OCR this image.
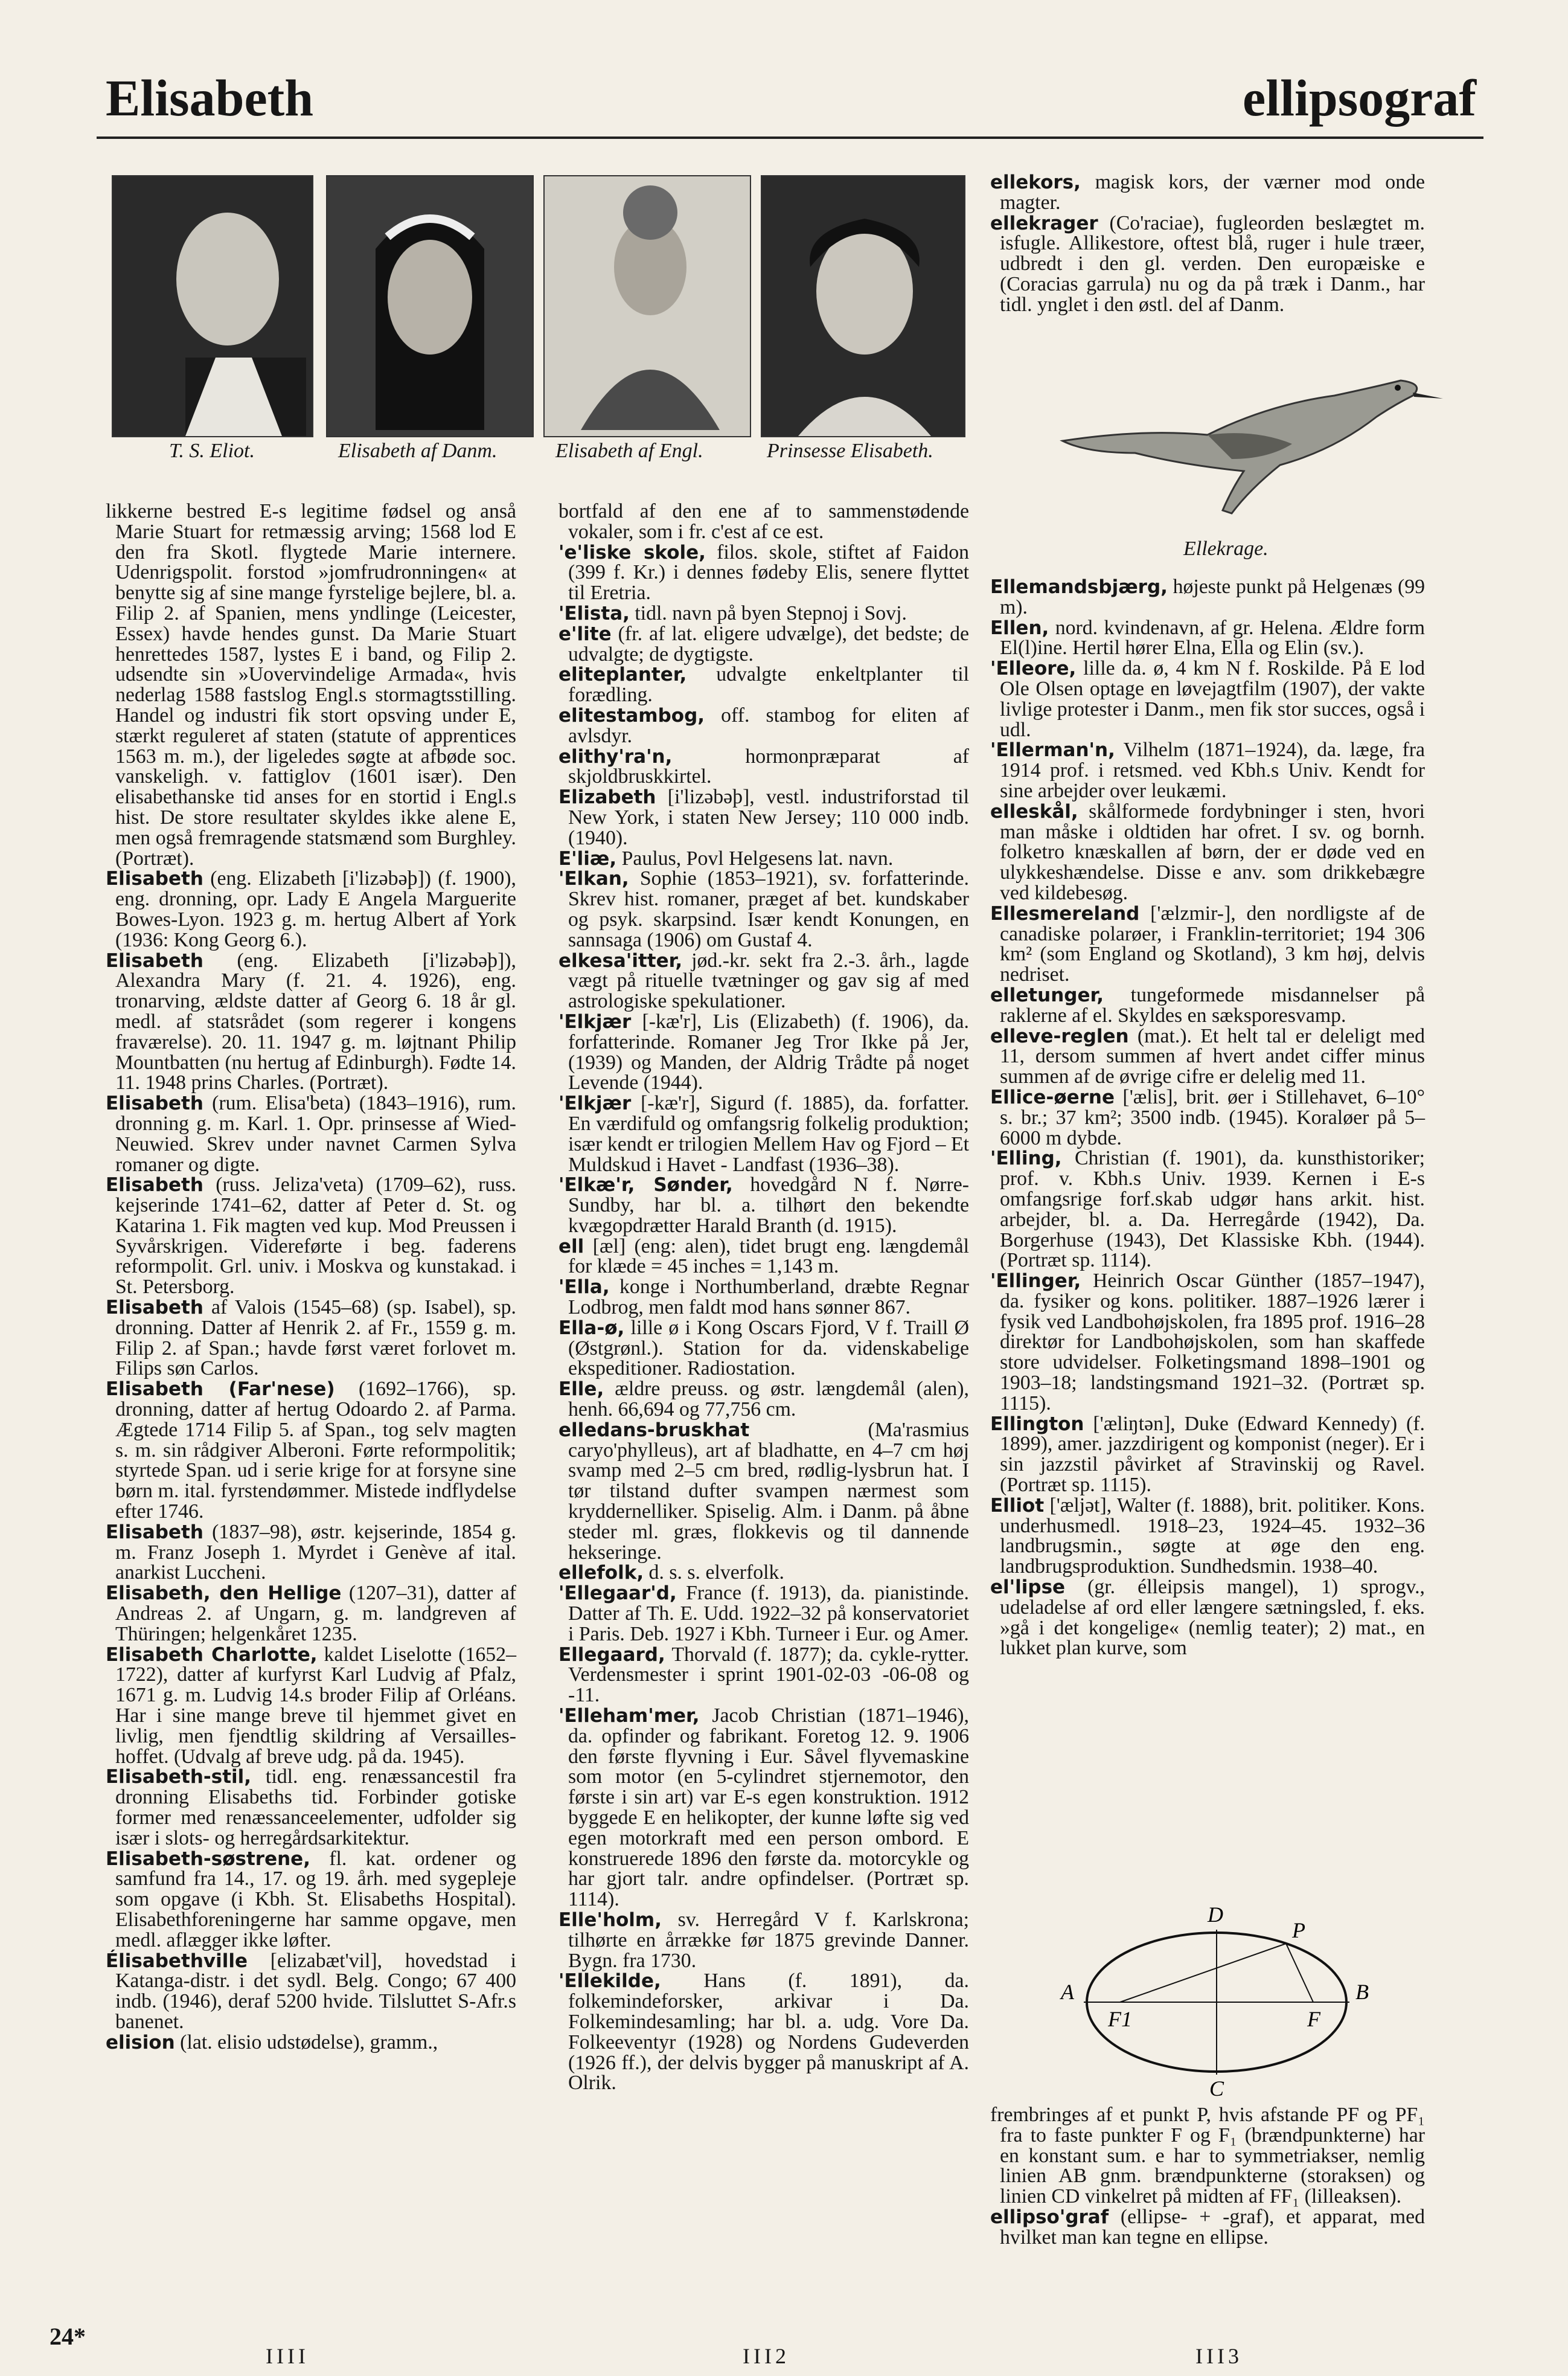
Elisabeth	ellipsograf
T. S. Eliot.	Elisabeth af Danm.	Elisabeth af Engl.	Prinsesse Elisabeth.

likkerne bestred E-s legitime fødsel og anså Marie Stuart for retmæssig arving; 1568 lod E den fra Skotl. flygtede Marie internere. Udenrigspolit. forstod »jomfrudronningen« at benytte sig af sine mange fyrstelige bejlere, bl. a. Filip 2. af Spanien, mens yndlinge (Leicester, Essex) havde hendes gunst. Da Marie Stuart henrettedes 1587, lystes E i band, og Filip 2. udsendte sin »Uovervindelige Armada«, hvis nederlag 1588 fastslog Engl.s stormagtsstilling. Handel og industri fik stort opsving under E, stærkt reguleret af staten (statute of apprentices 1563 m. m.), der ligeledes søgte at afbøde soc. vanskeligh. v. fattiglov (1601 især). Den elisabethanske tid anses for en stortid i Engl.s hist. De store resultater skyldes ikke alene E, men også fremragende statsmænd som Burghley. (Portræt).

Elisabeth (eng. Elizabeth [i'lizəbəþ]) (f. 1900), eng. dronning, opr. Lady E Angela Marguerite Bowes-Lyon. 1923 g. m. hertug Albert af York (1936: Kong Georg 6.).

Elisabeth (eng. Elizabeth [i'lizəbəþ]), Alexandra Mary (f. 21. 4. 1926), eng. tronarving, ældste datter af Georg 6. 18 år gl. medl. af statsrådet (som regerer i kongens fraværelse). 20. 11. 1947 g. m. løjtnant Philip Mountbatten (nu hertug af Edinburgh). Fødte 14. 11. 1948 prins Charles. (Portræt).

Elisabeth (rum. Elisa'beta) (1843–1916), rum. dronning g. m. Karl. 1. Opr. prinsesse af Wied-Neuwied. Skrev under navnet Carmen Sylva romaner og digte.

Elisabeth (russ. Jeliza'veta) (1709–62), russ. kejserinde 1741–62, datter af Peter d. St. og Katarina 1. Fik magten ved kup. Mod Preussen i Syvårskrigen. Videreførte i beg. faderens reformpolit. Grl. univ. i Moskva og kunstakad. i St. Petersborg.

Elisabeth af Valois (1545–68) (sp. Isabel), sp. dronning. Datter af Henrik 2. af Fr., 1559 g. m. Filip 2. af Span.; havde først været forlovet m. Filips søn Carlos.

Elisabeth (Far'nese) (1692–1766), sp. dronning, datter af hertug Odoardo 2. af Parma. Ægtede 1714 Filip 5. af Span., tog selv magten s. m. sin rådgiver Alberoni. Førte reformpolitik; styrtede Span. ud i serie krige for at forsyne sine børn m. ital. fyrstendømmer. Mistede indflydelse efter 1746.

Elisabeth (1837–98), østr. kejserinde, 1854 g. m. Franz Joseph 1. Myrdet i Genève af ital. anarkist Luccheni.

Elisabeth, den Hellige (1207–31), datter af Andreas 2. af Ungarn, g. m. landgreven af Thüringen; helgenkåret 1235.

Elisabeth Charlotte, kaldet Liselotte (1652–1722), datter af kurfyrst Karl Ludvig af Pfalz, 1671 g. m. Ludvig 14.s broder Filip af Orléans. Har i sine mange breve til hjemmet givet en livlig, men fjendtlig skildring af Versailles-hoffet. (Udvalg af breve udg. på da. 1945).

Elisabeth-stil, tidl. eng. renæssancestil fra dronning Elisabeths tid. Forbinder gotiske former med renæssanceelementer, udfolder sig især i slots- og herregårdsarkitektur.

Elisabeth-søstrene, fl. kat. ordener og samfund fra 14., 17. og 19. årh. med sygepleje som opgave (i Kbh. St. Elisabeths Hospital). Elisabethforeningerne har samme opgave, men medl. aflægger ikke løfter.

Élisabethville [elizabæt'vil], hovedstad i Katanga-distr. i det sydl. Belg. Congo; 67 400 indb. (1946), deraf 5200 hvide. Tilsluttet S-Afr.s banenet.

elision (lat. elisio udstødelse), gramm.,

bortfald af den ene af to sammenstødende vokaler, som i fr. c'est af ce est.

'e'liske skole, filos. skole, stiftet af Faidon (399 f. Kr.) i dennes fødeby Elis, senere flyttet til Eretria.

'Elista, tidl. navn på byen Stepnoj i Sovj.

e'lite (fr. af lat. eligere udvælge), det bedste; de udvalgte; de dygtigste.

eliteplanter, udvalgte enkeltplanter til forædling.

elitestambog, off. stambog for eliten af avlsdyr.

elithy'ra'n, hormonpræparat af skjoldbruskkirtel.

Elizabeth [i'lizəbəþ], vestl. industriforstad til New York, i staten New Jersey; 110 000 indb. (1940).

E'liæ, Paulus, Povl Helgesens lat. navn.

'Elkan, Sophie (1853–1921), sv. forfatterinde. Skrev hist. romaner, præget af bet. kundskaber og psyk. skarpsind. Især kendt Konungen, en sannsaga (1906) om Gustaf 4.

elkesa'itter, jød.-kr. sekt fra 2.-3. årh., lagde vægt på rituelle tvætninger og gav sig af med astrologiske spekulationer.

'Elkjær [-kæ'r], Lis (Elizabeth) (f. 1906), da. forfatterinde. Romaner Jeg Tror Ikke på Jer, (1939) og Manden, der Aldrig Trådte på noget Levende (1944).

'Elkjær [-kæ'r], Sigurd (f. 1885), da. forfatter. En værdifuld og omfangsrig folkelig produktion; især kendt er trilogien Mellem Hav og Fjord – Et Muldskud i Havet - Landfast (1936–38).

'Elkæ'r, Sønder, hovedgård N f. Nørre-Sundby, har bl. a. tilhørt den bekendte kvægopdrætter Harald Branth (d. 1915).

ell [æl] (eng: alen), tidet brugt eng. længdemål for klæde = 45 inches = 1,143 m.

'Ella, konge i Northumberland, dræbte Regnar Lodbrog, men faldt mod hans sønner 867.

Ella-ø, lille ø i Kong Oscars Fjord, V f. Traill Ø (Østgrønl.). Station for da. videnskabelige ekspeditioner. Radiostation.

Elle, ældre preuss. og østr. længdemål (alen), henh. 66,694 og 77,756 cm.

elledans-bruskhat (Ma'rasmius caryo'phylleus), art af bladhatte, en 4–7 cm høj svamp med 2–5 cm bred, rødlig-lysbrun hat. I tør tilstand dufter svampen nærmest som kryddernelliker. Spiselig. Alm. i Danm. på åbne steder ml. græs, flokkevis og til dannende hekseringe.

ellefolk, d. s. s. elverfolk.

'Ellegaar'd, France (f. 1913), da. pianistinde. Datter af Th. E. Udd. 1922–32 på konservatoriet i Paris. Deb. 1927 i Kbh. Turneer i Eur. og Amer.

Ellegaard, Thorvald (f. 1877); da. cykle-rytter. Verdensmester i sprint 1901-02-03 -06-08 og -11.

'Elleham'mer, Jacob Christian (1871–1946), da. opfinder og fabrikant. Foretog 12. 9. 1906 den første flyvning i Eur. Såvel flyvemaskine som motor (en 5-cylindret stjernemotor, den første i sin art) var E-s egen konstruktion. 1912 byggede E en helikopter, der kunne løfte sig ved egen motorkraft med een person ombord. E konstruerede 1896 den første da. motorcykle og har gjort talr. andre opfindelser. (Portræt sp. 1114).

Elle'holm, sv. Herregård V f. Karlskrona; tilhørte en årrække før 1875 grevinde Danner. Bygn. fra 1730.

'Ellekilde, Hans (f. 1891), da. folkemindeforsker, arkivar i Da. Folkemindesamling; har bl. a. udg. Vore Da. Folkeeventyr (1928) og Nordens Gudeverden (1926 ff.), der delvis bygger på manuskript af A. Olrik.

ellekors, magisk kors, der værner mod onde magter.

ellekrager (Co'raciae), fugleorden beslægtet m. isfugle. Allikestore, oftest blå, ruger i hule træer, udbredt i den gl. verden. Den europæiske e (Coracias garrula) nu og da på træk i Danm., har tidl. ynglet i den østl. del af Danm.

Ellekrage.

Ellemandsbjærg, højeste punkt på Helgenæs (99 m).

Ellen, nord. kvindenavn, af gr. Helena. Ældre form El(l)ine. Hertil hører Elna, Ella og Elin (sv.).

'Elleore, lille da. ø, 4 km N f. Roskilde. På E lod Ole Olsen optage en løvejagtfilm (1907), der vakte livlige protester i Danm., men fik stor succes, også i udl.

'Ellerman'n, Vilhelm (1871–1924), da. læge, fra 1914 prof. i retsmed. ved Kbh.s Univ. Kendt for sine arbejder over leukæmi.

elleskål, skålformede fordybninger i sten, hvori man måske i oldtiden har ofret. I sv. og bornh. folketro knæskallen af børn, der er døde ved en ulykkeshændelse. Disse e anv. som drikkebægre ved kildebesøg.

Ellesmereland ['ælzmir-], den nordligste af de canadiske polarøer, i Franklin-territoriet; 194 306 km² (som England og Skotland), 3 km høj, delvis nedriset.

elletunger, tungeformede misdannelser på raklerne af el. Skyldes en sæksporesvamp.

elleve-reglen (mat.). Et helt tal er deleligt med 11, dersom summen af hvert andet ciffer minus summen af de øvrige cifre er delelig med 11.

Ellice-øerne ['ælis], brit. øer i Stillehavet, 6–10° s. br.; 37 km²; 3500 indb. (1945). Koraløer på 5–6000 m dybde.

'Elling, Christian (f. 1901), da. kunsthistoriker; prof. v. Kbh.s Univ. 1939. Kernen i E-s omfangsrige forf.skab udgør hans arkit. hist. arbejder, bl. a. Da. Herregårde (1942), Da. Borgerhuse (1943), Det Klassiske Kbh. (1944). (Portræt sp. 1114).

'Ellinger, Heinrich Oscar Günther (1857–1947), da. fysiker og kons. politiker. 1887–1926 lærer i fysik ved Landbohøjskolen, fra 1895 prof. 1916–28 direktør for Landbohøjskolen, som han skaffede store udvidelser. Folketingsmand 1898–1901 og 1903–18; landstingsmand 1921–32. (Portræt sp. 1115).

Ellington ['æliŋtən], Duke (Edward Kennedy) (f. 1899), amer. jazzdirigent og komponist (neger). Er i sin jazzstil påvirket af Stravinskij og Ravel. (Portræt sp. 1115).

Elliot ['æljət], Walter (f. 1888), brit. politiker. Kons. underhusmedl. 1918–23, 1924–45. 1932–36 landbrugsmin., søgte at øge den eng. landbrugsproduktion. Sundhedsmin. 1938–40.

el'lipse (gr. élleipsis mangel), 1) sprogv., udeladelse af ord eller længere sætningsled, f. eks. »gå i det kongelige« (nemlig teater); 2) mat., en lukket plan kurve, som

D
P
A	B
F1	F
C

frembringes af et punkt P, hvis afstande PF og PF₁ fra to faste punkter F og F₁ (brændpunkterne) har en konstant sum. e har to symmetriakser, nemlig linien AB gnm. brændpunkterne (storaksen) og linien CD vinkelret på midten af FF₁ (lilleaksen).

ellipso'graf (ellipse- + -graf), et apparat, med hvilket man kan tegne en ellipse.

24*
IIII	III2	III3
